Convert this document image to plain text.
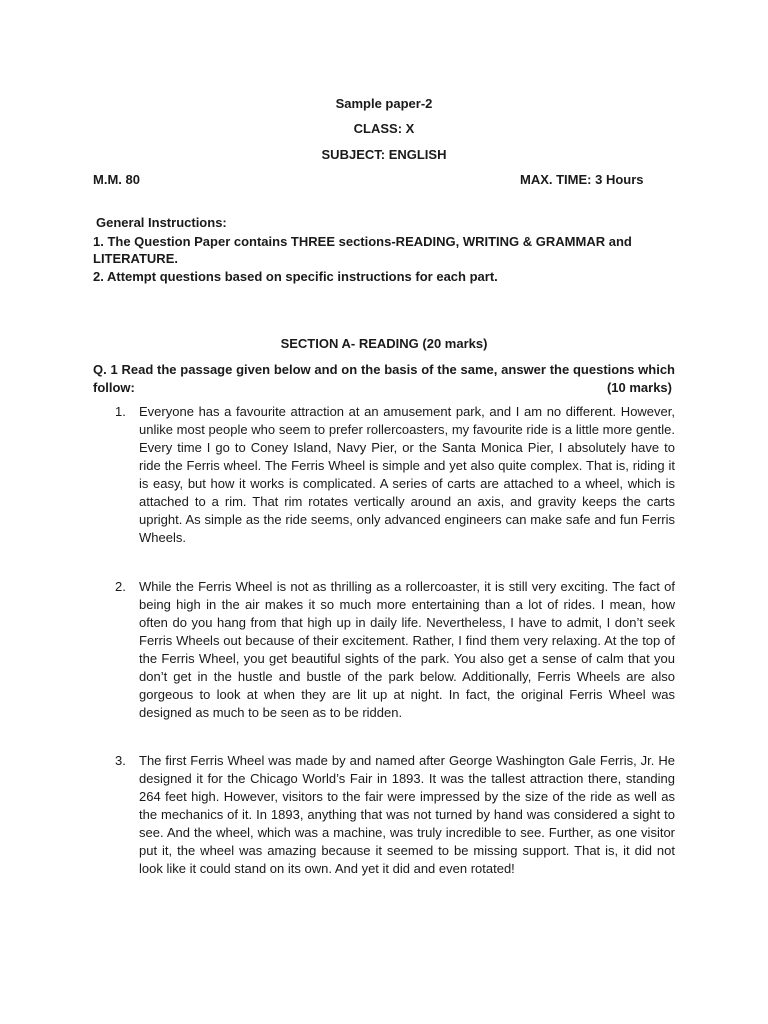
Sample paper-2
CLASS: X
SUBJECT: ENGLISH
M.M. 80	MAX. TIME: 3 Hours
General Instructions:
1. The Question Paper contains THREE sections-READING, WRITING & GRAMMAR and LITERATURE.
2. Attempt questions based on specific instructions for each part.
SECTION A- READING (20 marks)
Q. 1 Read the passage given below and on the basis of the same, answer the questions which follow:	(10 marks)
1. Everyone has a favourite attraction at an amusement park, and I am no different. However, unlike most people who seem to prefer rollercoasters, my favourite ride is a little more gentle. Every time I go to Coney Island, Navy Pier, or the Santa Monica Pier, I absolutely have to ride the Ferris wheel. The Ferris Wheel is simple and yet also quite complex. That is, riding it is easy, but how it works is complicated. A series of carts are attached to a wheel, which is attached to a rim. That rim rotates vertically around an axis, and gravity keeps the carts upright. As simple as the ride seems, only advanced engineers can make safe and fun Ferris Wheels.
2. While the Ferris Wheel is not as thrilling as a rollercoaster, it is still very exciting. The fact of being high in the air makes it so much more entertaining than a lot of rides. I mean, how often do you hang from that high up in daily life. Nevertheless, I have to admit, I don’t seek Ferris Wheels out because of their excitement. Rather, I find them very relaxing. At the top of the Ferris Wheel, you get beautiful sights of the park. You also get a sense of calm that you don’t get in the hustle and bustle of the park below. Additionally, Ferris Wheels are also gorgeous to look at when they are lit up at night. In fact, the original Ferris Wheel was designed as much to be seen as to be ridden.
3. The first Ferris Wheel was made by and named after George Washington Gale Ferris, Jr. He designed it for the Chicago World’s Fair in 1893. It was the tallest attraction there, standing 264 feet high. However, visitors to the fair were impressed by the size of the ride as well as the mechanics of it. In 1893, anything that was not turned by hand was considered a sight to see. And the wheel, which was a machine, was truly incredible to see. Further, as one visitor put it, the wheel was amazing because it seemed to be missing support. That is, it did not look like it could stand on its own. And yet it did and even rotated!
